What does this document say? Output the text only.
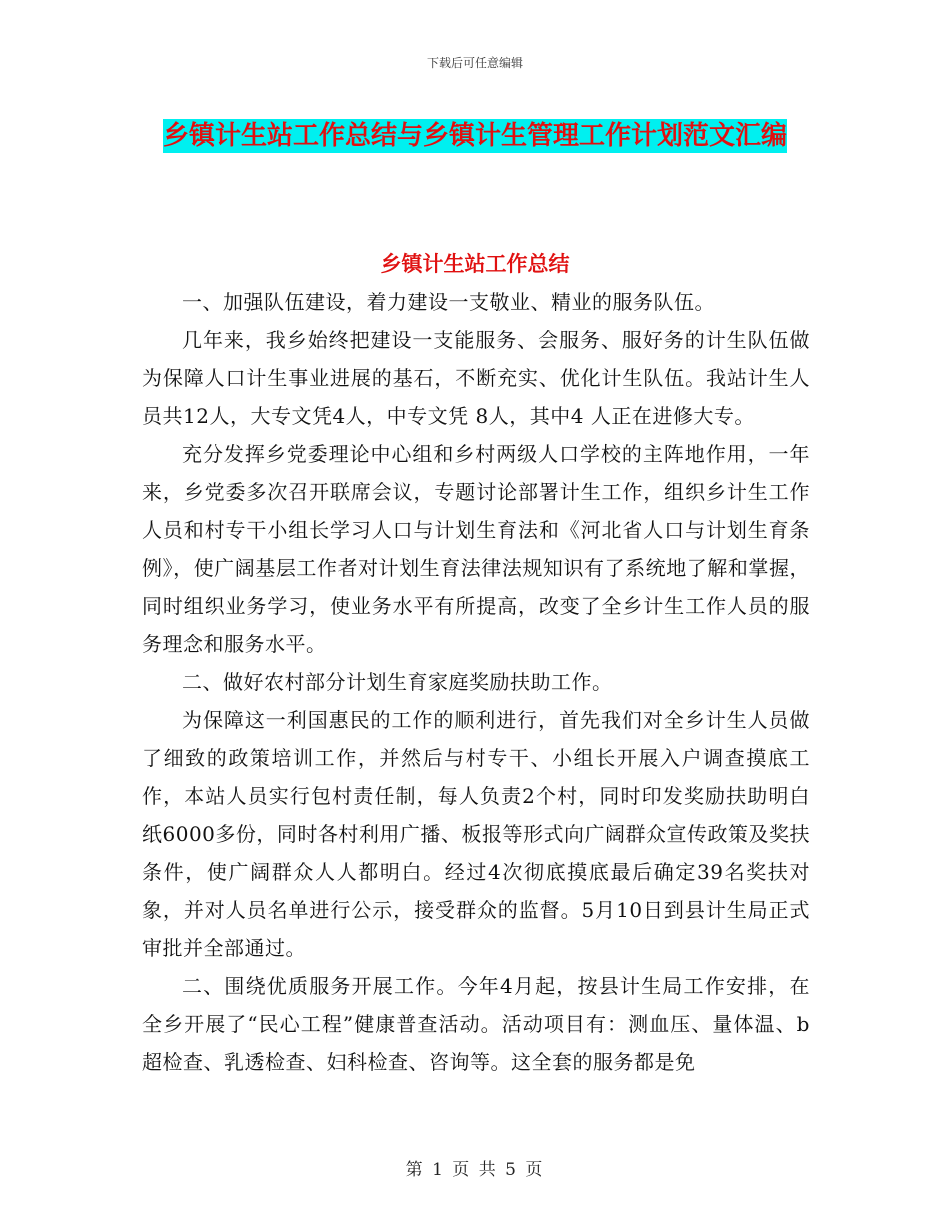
下载后可任意编辑
乡镇计生站工作总结与乡镇计生管理工作计划范文汇编
乡镇计生站工作总结

一、加强队伍建设，着力建设一支敬业、精业的服务队伍。

几年来，我乡始终把建设一支能服务、会服务、服好务的计生队伍做为保障人口计生事业进展的基石，不断充实、优化计生队伍。我站计生人员共12人，大专文凭4人，中专文凭 8人，其中4 人正在进修大专。

充分发挥乡党委理论中心组和乡村两级人口学校的主阵地作用，一年来，乡党委多次召开联席会议，专题讨论部署计生工作，组织乡计生工作人员和村专干小组长学习人口与计划生育法和《河北省人口与计划生育条例》，使广阔基层工作者对计划生育法律法规知识有了系统地了解和掌握，同时组织业务学习，使业务水平有所提高，改变了全乡计生工作人员的服务理念和服务水平。

二、做好农村部分计划生育家庭奖励扶助工作。

为保障这一利国惠民的工作的顺利进行，首先我们对全乡计生人员做了细致的政策培训工作，并然后与村专干、小组长开展入户调查摸底工作，本站人员实行包村责任制，每人负责2个村，同时印发奖励扶助明白纸6000多份，同时各村利用广播、板报等形式向广阔群众宣传政策及奖扶条件，使广阔群众人人都明白。经过4次彻底摸底最后确定39名奖扶对象，并对人员名单进行公示，接受群众的监督。5月10日到县计生局正式审批并全部通过。

二、围绕优质服务开展工作。今年4月起，按县计生局工作安排，在全乡开展了“民心工程”健康普查活动。活动项目有：测血压、量体温、b超检查、乳透检查、妇科检查、咨询等。这全套的服务都是免

第 1 页 共 5 页
